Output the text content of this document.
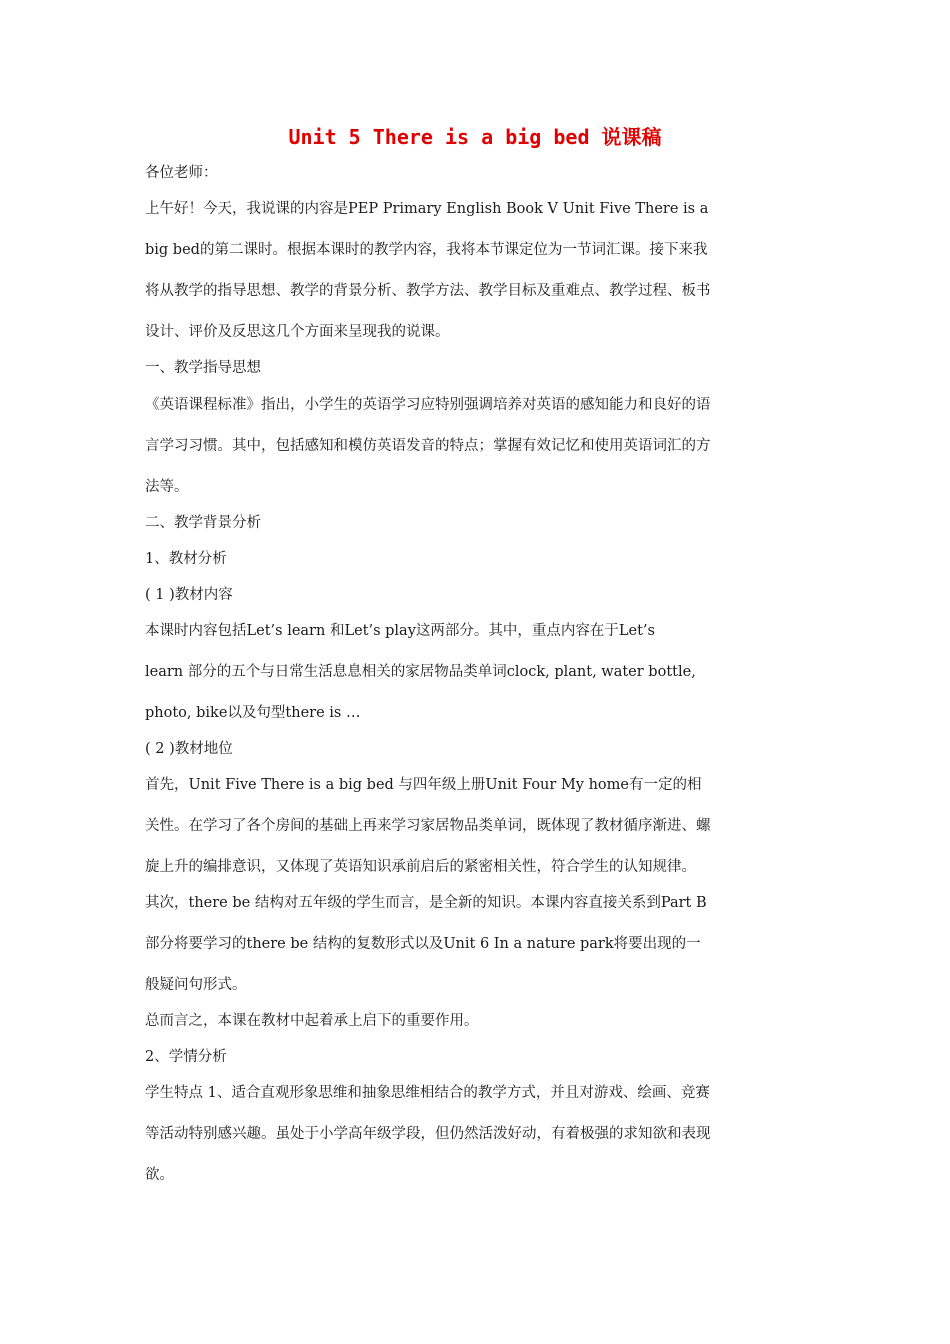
Unit 5 There is a big bed 说课稿
各位老师：
上午好！今天，我说课的内容是PEP Primary English Book V Unit Five There is a
big bed的第二课时。根据本课时的教学内容，我将本节课定位为一节词汇课。接下来我
将从教学的指导思想、教学的背景分析、教学方法、教学目标及重难点、教学过程、板书
设计、评价及反思这几个方面来呈现我的说课。
一、教学指导思想
《英语课程标准》指出，小学生的英语学习应特别强调培养对英语的感知能力和良好的语
言学习习惯。其中，包括感知和模仿英语发音的特点；掌握有效记忆和使用英语词汇的方
法等。
二、教学背景分析
1、教材分析
( 1 )教材内容
本课时内容包括Let’s learn 和Let’s play这两部分。其中，重点内容在于Let’s
learn 部分的五个与日常生活息息相关的家居物品类单词clock, plant, water bottle,
photo, bike以及句型there is …
( 2 )教材地位
首先，Unit Five There is a big bed 与四年级上册Unit Four My home有一定的相
关性。在学习了各个房间的基础上再来学习家居物品类单词，既体现了教材循序渐进、螺
旋上升的编排意识，又体现了英语知识承前启后的紧密相关性，符合学生的认知规律。
其次，there be 结构对五年级的学生而言，是全新的知识。本课内容直接关系到Part B
部分将要学习的there be 结构的复数形式以及Unit 6 In a nature park将要出现的一
般疑问句形式。
总而言之，本课在教材中起着承上启下的重要作用。
2、学情分析
学生特点 1、适合直观形象思维和抽象思维相结合的教学方式，并且对游戏、绘画、竞赛
等活动特别感兴趣。虽处于小学高年级学段，但仍然活泼好动，有着极强的求知欲和表现
欲。
